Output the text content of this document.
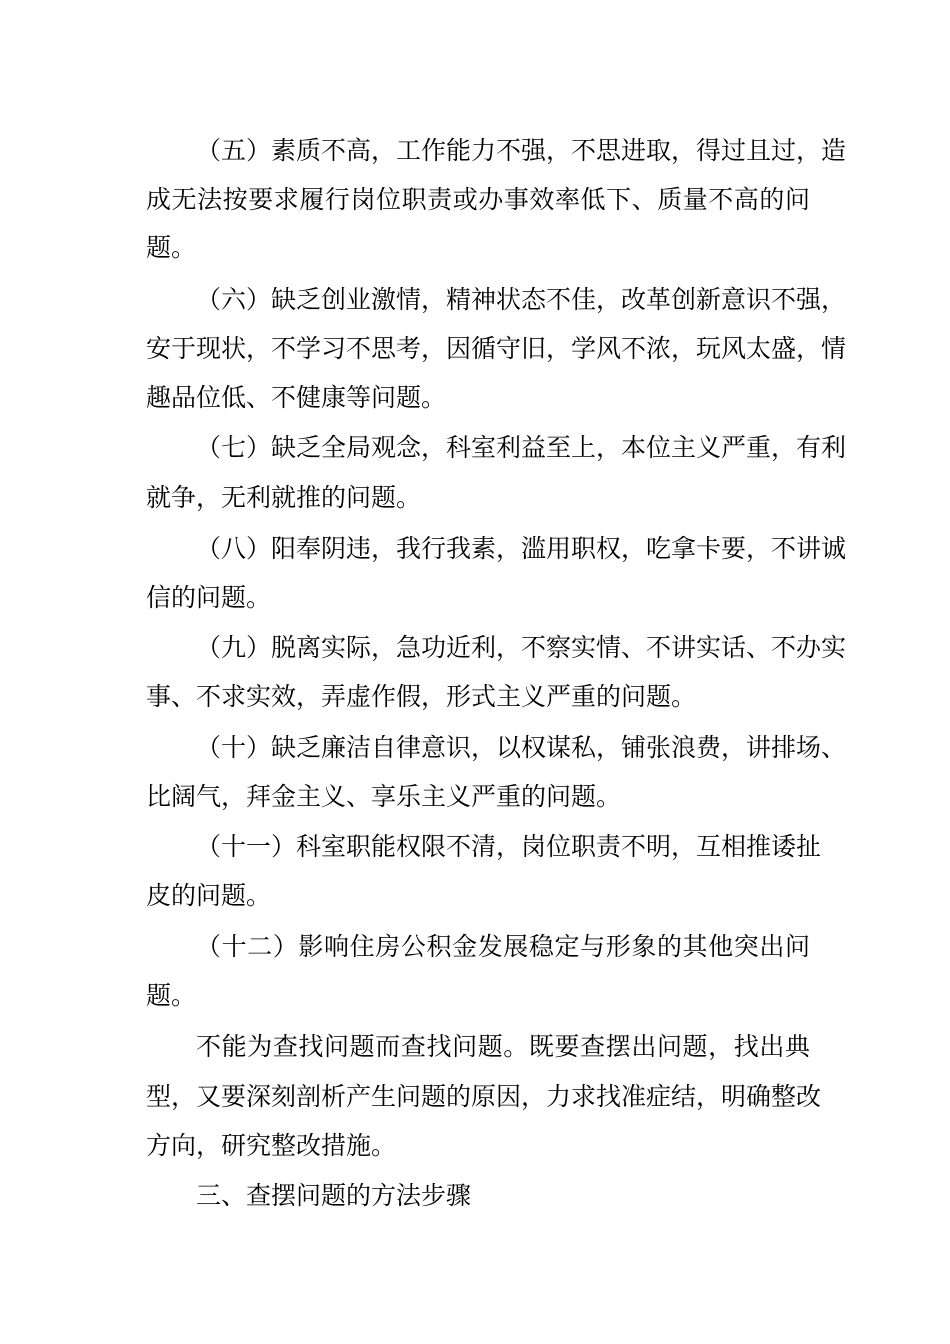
（五）素质不高，工作能力不强，不思进取，得过且过，造
成无法按要求履行岗位职责或办事效率低下、质量不高的问
题。
（六）缺乏创业激情，精神状态不佳，改革创新意识不强，
安于现状，不学习不思考，因循守旧，学风不浓，玩风太盛，情
趣品位低、不健康等问题。
（七）缺乏全局观念，科室利益至上，本位主义严重，有利
就争，无利就推的问题。
（八）阳奉阴违，我行我素，滥用职权，吃拿卡要，不讲诚
信的问题。
（九）脱离实际，急功近利，不察实情、不讲实话、不办实
事、不求实效，弄虚作假，形式主义严重的问题。
（十）缺乏廉洁自律意识，以权谋私，铺张浪费，讲排场、
比阔气，拜金主义、享乐主义严重的问题。
（十一）科室职能权限不清，岗位职责不明，互相推诿扯
皮的问题。
（十二）影响住房公积金发展稳定与形象的其他突出问
题。
不能为查找问题而查找问题。既要查摆出问题，找出典
型，又要深刻剖析产生问题的原因，力求找准症结，明确整改
方向，研究整改措施。
三、查摆问题的方法步骤
